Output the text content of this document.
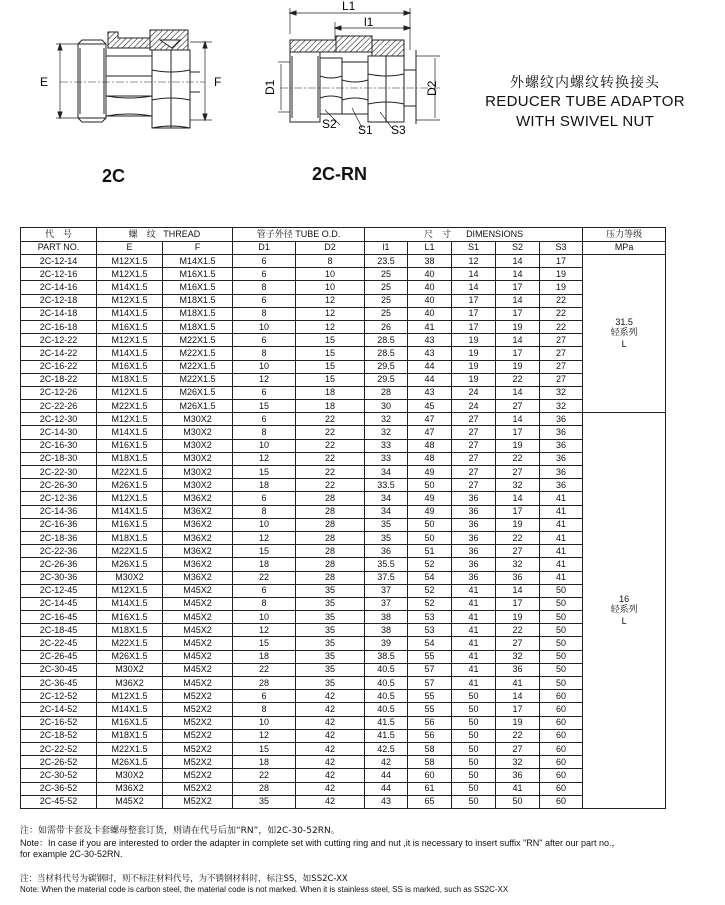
E	F
L1
l1
D1	D2
S2 S1 S3
2C	2C-RN
外螺纹内螺纹转换接头
REDUCER TUBE ADAPTOR
WITH SWIVEL NUT
代　号	螺　纹 THREAD		管子外径 TUBE O.D.		尺　寸 DIMENSIONS					压力等级
PART NO.	E	F	D1	D2	l1	L1	S1	S2	S3	MPa
2C-12-14	M12X1.5	M14X1.5	6	8	23.5	38	12	14	17	31.5
轻系列
L

2C-12-16	M12X1.5	M16X1.5	6	10	25	40	14	14	19	
2C-14-16	M14X1.5	M16X1.5	8	10	25	40	14	17	19	
2C-12-18	M12X1.5	M18X1.5	6	12	25	40	17	14	22	
2C-14-18	M14X1.5	M18X1.5	8	12	25	40	17	17	22	
2C-16-18	M16X1.5	M18X1.5	10	12	26	41	17	19	22	
2C-12-22	M12X1.5	M22X1.5	6	15	28.5	43	19	14	27	
2C-14-22	M14X1.5	M22X1.5	8	15	28.5	43	19	17	27	
2C-16-22	M16X1.5	M22X1.5	10	15	29.5	44	19	19	27	
2C-18-22	M18X1.5	M22X1.5	12	15	29.5	44	19	22	27	
2C-12-26	M12X1.5	M26X1.5	6	18	28	43	24	14	32	
2C-22-26	M22X1.5	M26X1.5	15	18	30	45	24	27	32	
2C-12-30	M12X1.5	M30X2	6	22	32	47	27	14	36	16
轻系列
L

2C-14-30	M14X1.5	M30X2	8	22	32	47	27	17	36	
2C-16-30	M16X1.5	M30X2	10	22	33	48	27	19	36	
2C-18-30	M18X1.5	M30X2	12	22	33	48	27	22	36	
2C-22-30	M22X1.5	M30X2	15	22	34	49	27	27	36	
2C-26-30	M26X1.5	M30X2	18	22	33.5	50	27	32	36	
2C-12-36	M12X1.5	M36X2	6	28	34	49	36	14	41	
2C-14-36	M14X1.5	M36X2	8	28	34	49	36	17	41	
2C-16-36	M16X1.5	M36X2	10	28	35	50	36	19	41	
2C-18-36	M18X1.5	M36X2	12	28	35	50	36	22	41	
2C-22-36	M22X1.5	M36X2	15	28	36	51	36	27	41	
2C-26-36	M26X1.5	M36X2	18	28	35.5	52	36	32	41	
2C-30-36	M30X2	M36X2	22	28	37.5	54	36	36	41	
2C-12-45	M12X1.5	M45X2	6	35	37	52	41	14	50	
2C-14-45	M14X1.5	M45X2	8	35	37	52	41	17	50	
2C-16-45	M16X1.5	M45X2	10	35	38	53	41	19	50	
2C-18-45	M18X1.5	M45X2	12	35	38	53	41	22	50	
2C-22-45	M22X1.5	M45X2	15	35	39	54	41	27	50	
2C-26-45	M26X1.5	M45X2	18	35	38.5	55	41	32	50	
2C-30-45	M30X2	M45X2	22	35	40.5	57	41	36	50	
2C-36-45	M36X2	M45X2	28	35	40.5	57	41	41	50	
2C-12-52	M12X1.5	M52X2	6	42	40.5	55	50	14	60	
2C-14-52	M14X1.5	M52X2	8	42	40.5	55	50	17	60	
2C-16-52	M16X1.5	M52X2	10	42	41.5	56	50	19	60	
2C-18-52	M18X1.5	M52X2	12	42	41.5	56	50	22	60	
2C-22-52	M22X1.5	M52X2	15	42	42.5	58	50	27	60	
2C-26-52	M26X1.5	M52X2	18	42	42	58	50	32	60	
2C-30-52	M30X2	M52X2	22	42	44	60	50	36	60	
2C-36-52	M36X2	M52X2	28	42	44	61	50	41	60	
2C-45-52	M45X2	M52X2	35	42	43	65	50	50	60	
注：如需带卡套及卡套螺母整套订货，则请在代号后加“RN”，如2C-30-52RN。
Note：In case if you are interested to order the adapter in complete set with cutting ring and nut ,it is necessary to insert suffix "RN" after our part no.，
for example 2C-30-52RN.
注：当材料代号为碳钢时，则不标注材料代号，为不锈钢材料时，标注SS，如SS2C-XX
Note: When the material code is carbon steel, the material code is not marked. When it is stainless steel, SS is marked, such as SS2C-XX
